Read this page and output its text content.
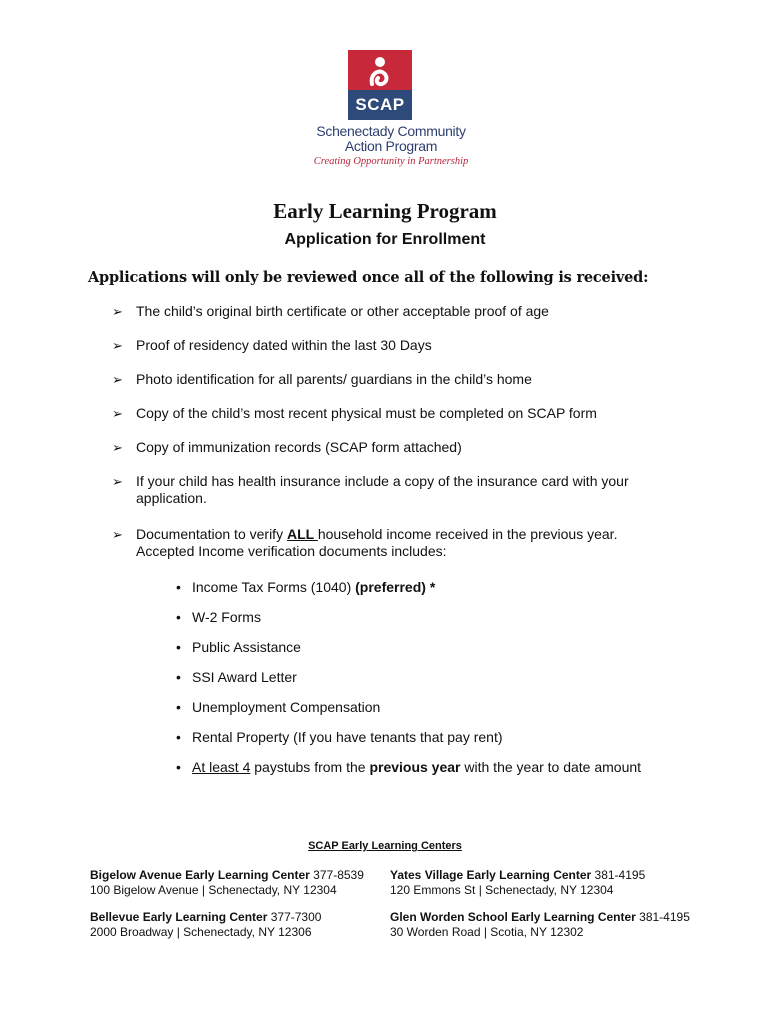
SCAP
Schenectady Community
Action Program
Creating Opportunity in Partnership
Early Learning Program
Application for Enrollment
Applications will only be reviewed once all of the following is received:
➢ The child’s original birth certificate or other acceptable proof of age
➢ Proof of residency dated within the last 30 Days
➢ Photo identification for all parents/ guardians in the child’s home
➢ Copy of the child’s most recent physical must be completed on SCAP form
➢ Copy of immunization records (SCAP form attached)
➢ If your child has health insurance include a copy of the insurance card with your application.
➢ Documentation to verify ALL household income received in the previous year. Accepted Income verification documents includes:
• Income Tax Forms (1040) (preferred) *
• W-2 Forms
• Public Assistance
• SSI Award Letter
• Unemployment Compensation
• Rental Property (If you have tenants that pay rent)
• At least 4 paystubs from the previous year with the year to date amount
SCAP Early Learning Centers
Bigelow Avenue Early Learning Center 377-8539
100 Bigelow Avenue | Schenectady, NY 12304
Yates Village Early Learning Center 381-4195
120 Emmons St | Schenectady, NY 12304
Bellevue Early Learning Center 377-7300
2000 Broadway | Schenectady, NY 12306
Glen Worden School Early Learning Center 381-4195
30 Worden Road | Scotia, NY 12302
